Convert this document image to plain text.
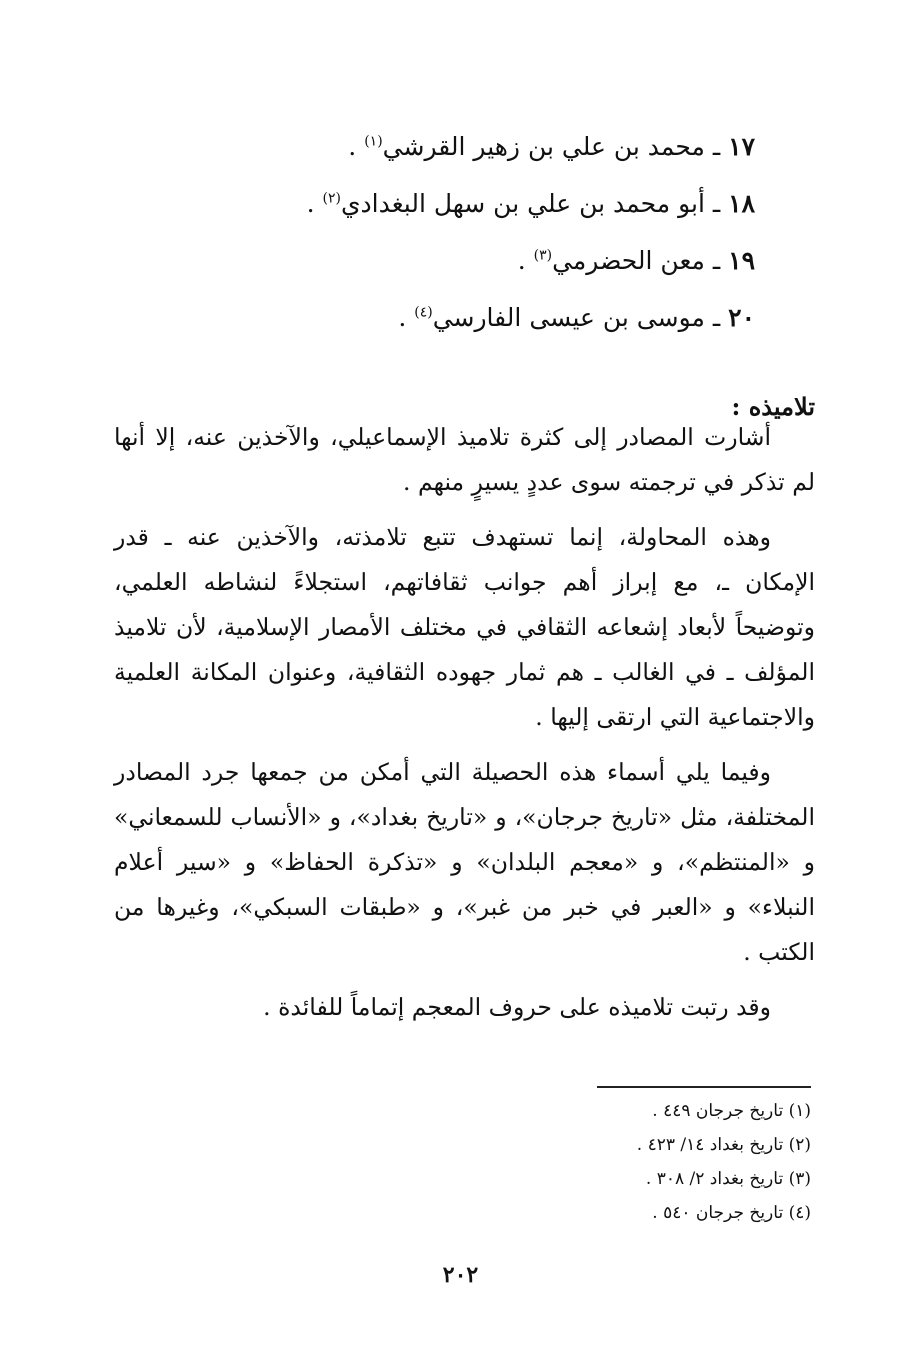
١٧ ـ محمد بن علي بن زهير القرشي$^{(١)}$ .
١٨ ـ أبو محمد بن علي بن سهل البغدادي$^{(٢)}$ .
١٩ ـ معن الحضرمي$^{(٣)}$ .
٢٠ ـ موسى بن عيسى الفارسي$^{(٤)}$ .
تلاميذه :

أشارت المصادر إلى كثرة تلاميذ الإسماعيلي، والآخذين عنه، إلا أنها لم تذكر في ترجمته سوى عددٍ يسيرٍ منهم .

وهذه المحاولة، إنما تستهدف تتبع تلامذته، والآخذين عنه ـ قدر الإمكان ـ، مع إبراز أهم جوانب ثقافاتهم، استجلاءً لنشاطه العلمي، وتوضيحاً لأبعاد إشعاعه الثقافي في مختلف الأمصار الإسلامية، لأن تلاميذ المؤلف ـ في الغالب ـ هم ثمار جهوده الثقافية، وعنوان المكانة العلمية والاجتماعية التي ارتقى إليها .

وفيما يلي أسماء هذه الحصيلة التي أمكن من جمعها جرد المصادر المختلفة، مثل «تاريخ جرجان»، و «تاريخ بغداد»، و «الأنساب للسمعاني» و «المنتظم»، و «معجم البلدان» و «تذكرة الحفاظ» و «سير أعلام النبلاء» و «العبر في خبر من غبر»، و «طبقات السبكي»، وغيرها من الكتب .

وقد رتبت تلاميذه على حروف المعجم إتماماً للفائدة .

(١) تاريخ جرجان ٤٤٩ .
(٢) تاريخ بغداد ١٤/ ٤٢٣ .
(٣) تاريخ بغداد ٢/ ٣٠٨ .
(٤) تاريخ جرجان ٥٤٠ .
٢٠٢
